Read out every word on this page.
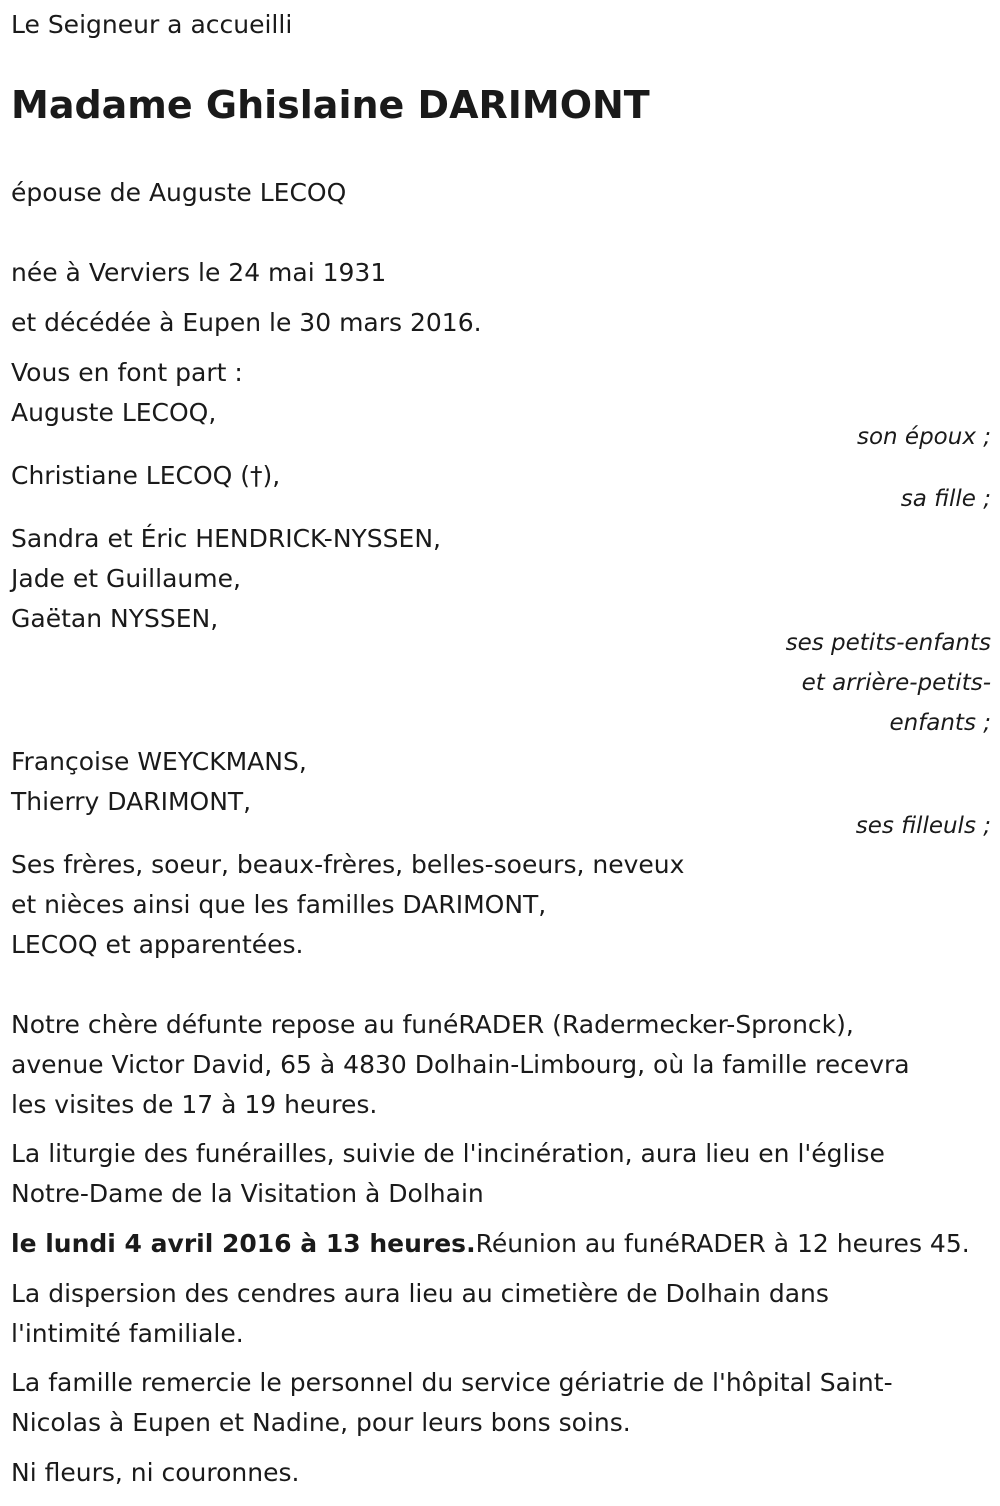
Le Seigneur a accueilli
Madame Ghislaine DARIMONT
épouse de Auguste LECOQ
née à Verviers le 24 mai 1931
et décédée à Eupen le 30 mars 2016.
Vous en font part :
Auguste LECOQ,
son époux ;
Christiane LECOQ (†),
sa fille ;
Sandra et Éric HENDRICK-NYSSEN,
Jade et Guillaume,
Gaëtan NYSSEN,
ses petits-enfants
et arrière-petits-
enfants ;
Françoise WEYCKMANS,
Thierry DARIMONT,
ses filleuls ;
Ses frères, soeur, beaux-frères, belles-soeurs, neveux
et nièces ainsi que les familles DARIMONT,
LECOQ et apparentées.
Notre chère défunte repose au funéRADER (Radermecker-Spronck),
avenue Victor David, 65 à 4830 Dolhain-Limbourg, où la famille recevra
les visites de 17 à 19 heures.
La liturgie des funérailles, suivie de l'incinération, aura lieu en l'église
Notre-Dame de la Visitation à Dolhain
le lundi 4 avril 2016 à 13 heures.Réunion au funéRADER à 12 heures 45.
La dispersion des cendres aura lieu au cimetière de Dolhain dans
l'intimité familiale.
La famille remercie le personnel du service gériatrie de l'hôpital Saint-
Nicolas à Eupen et Nadine, pour leurs bons soins.
Ni fleurs, ni couronnes.
